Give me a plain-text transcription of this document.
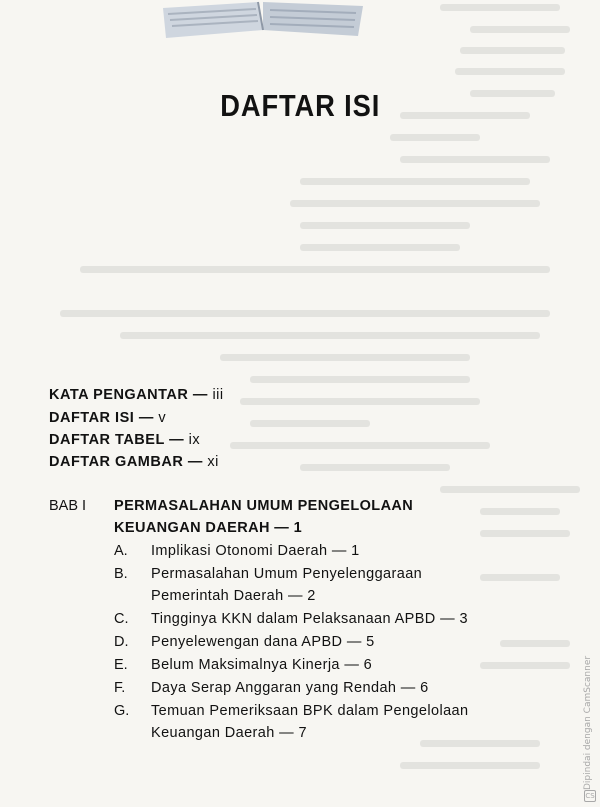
DAFTAR ISI
KATA PENGANTAR — iii
DAFTAR ISI — v
DAFTAR TABEL — ix
DAFTAR GAMBAR — xi
BAB I PERMASALAHAN UMUM PENGELOLAAN
KEUANGAN DAERAH — 1
A. Implikasi Otonomi Daerah — 1
B. Permasalahan Umum Penyelenggaraan
Pemerintah Daerah — 2
C. Tingginya KKN dalam Pelaksanaan APBD — 3
D. Penyelewengan dana APBD — 5
E. Belum Maksimalnya Kinerja — 6
F. Daya Serap Anggaran yang Rendah — 6
G. Temuan Pemeriksaan BPK dalam Pengelolaan
Keuangan Daerah — 7
CS
Dipindai dengan CamScanner
